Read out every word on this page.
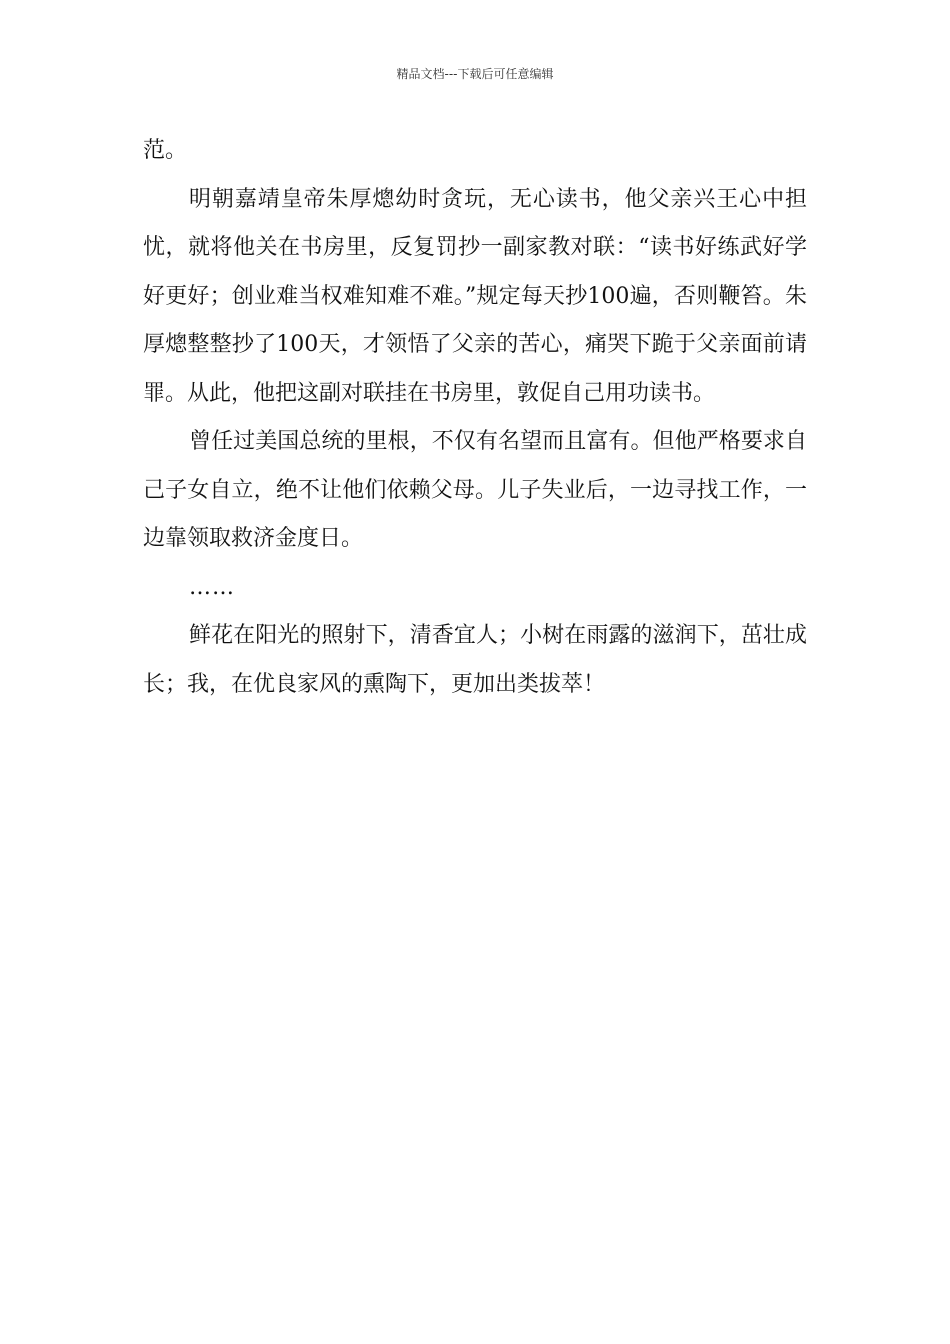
精品文档---下载后可任意编辑

范。

明朝嘉靖皇帝朱厚熜幼时贪玩，无心读书，他父亲兴王心中担忧，就将他关在书房里，反复罚抄一副家教对联：“读书好练武好学好更好；创业难当权难知难不难。”规定每天抄100遍，否则鞭笞。朱厚熜整整抄了100天，才领悟了父亲的苦心，痛哭下跪于父亲面前请罪。从此，他把这副对联挂在书房里，敦促自己用功读书。

曾任过美国总统的里根，不仅有名望而且富有。但他严格要求自己子女自立，绝不让他们依赖父母。儿子失业后，一边寻找工作，一边靠领取救济金度日。

……

鲜花在阳光的照射下，清香宜人；小树在雨露的滋润下，茁壮成长；我，在优良家风的熏陶下，更加出类拔萃！
